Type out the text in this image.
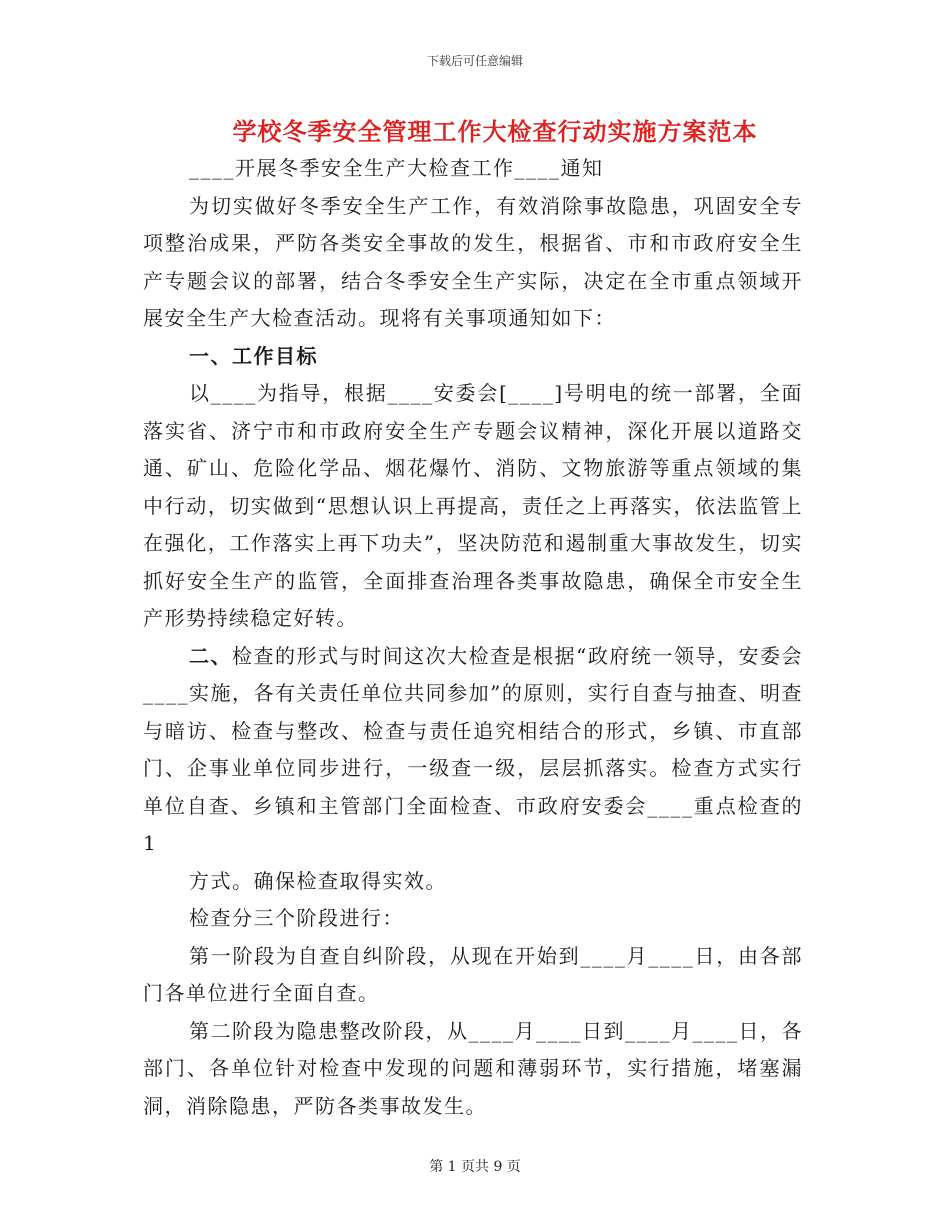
下载后可任意编辑
学校冬季安全管理工作大检查行动实施方案范本

____开展冬季安全生产大检查工作____通知

为切实做好冬季安全生产工作，有效消除事故隐患，巩固安全专项整治成果，严防各类安全事故的发生，根据省、市和市政府安全生产专题会议的部署，结合冬季安全生产实际，决定在全市重点领域开展安全生产大检查活动。现将有关事项通知如下：

一、工作目标

以____为指导，根据____安委会[____]号明电的统一部署，全面落实省、济宁市和市政府安全生产专题会议精神，深化开展以道路交通、矿山、危险化学品、烟花爆竹、消防、文物旅游等重点领域的集中行动，切实做到“思想认识上再提高，责任之上再落实，依法监管上在强化，工作落实上再下功夫”，坚决防范和遏制重大事故发生，切实抓好安全生产的监管，全面排查治理各类事故隐患，确保全市安全生产形势持续稳定好转。

二、检查的形式与时间这次大检查是根据“政府统一领导，安委会____实施，各有关责任单位共同参加”的原则，实行自查与抽查、明查与暗访、检查与整改、检查与责任追究相结合的形式，乡镇、市直部门、企事业单位同步进行，一级查一级，层层抓落实。检查方式实行单位自查、乡镇和主管部门全面检查、市政府安委会____重点检查的1

方式。确保检查取得实效。

检查分三个阶段进行：

第一阶段为自查自纠阶段，从现在开始到____月____日，由各部门各单位进行全面自查。

第二阶段为隐患整改阶段，从____月____日到____月____日，各部门、各单位针对检查中发现的问题和薄弱环节，实行措施，堵塞漏洞，消除隐患，严防各类事故发生。

第 1 页共 9 页
